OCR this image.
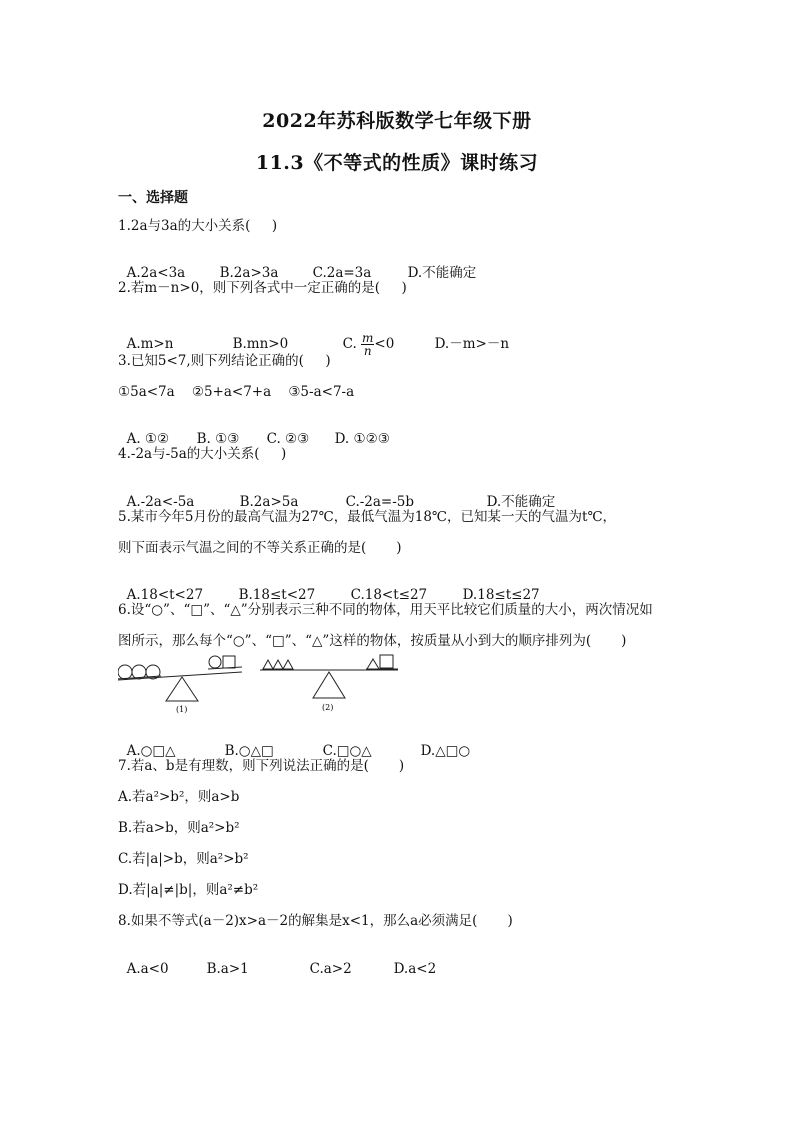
2022年苏科版数学七年级下册
11.3《不等式的性质》课时练习
一、选择题
1.2a与3a的大小关系(     )

A.2a<3a	B.2a>3a	C.2a=3a	D.不能确定

2.若m－n>0，则下列各式中一定正确的是(     )

A.m>n	B.mn>0	C. $\frac{m}{n} <0$	D.－m>－n

3.已知5<7,则下列结论正确的(     )
①5a<7a    ②5+a<7+a    ③5-a<7-a

A. ①② B. ①③ C. ②③ D. ①②③

4.-2a与-5a的大小关系(     )

A.-2a<-5a	B.2a>5a	C.-2a=-5b	D.不能确定

5.某市今年5月份的最高气温为27℃，最低气温为18℃，已知某一天的气温为t℃，
则下面表示气温之间的不等关系正确的是(       )

A.18<t<27	B.18≤t<27	C.18<t≤27	D.18≤t≤27

6.设“○”、“□”、“△”分别表示三种不同的物体，用天平比较它们质量的大小，两次情况如
图所示，那么每个“○”、“□”、“△”这样的物体，按质量从小到大的顺序排列为(       )
(1)	(2)

A.○□△	B.○△□	C.□○△	D.△□○

7.若a、b是有理数，则下列说法正确的是(       )
A.若a²>b²，则a>b
B.若a>b，则a²>b²
C.若|a|>b，则a²>b²
D.若|a|≠|b|，则a²≠b²
8.如果不等式(a－2)x>a－2的解集是x<1，那么a必须满足(       )

A.a<0	B.a>1	C.a>2	D.a<2
